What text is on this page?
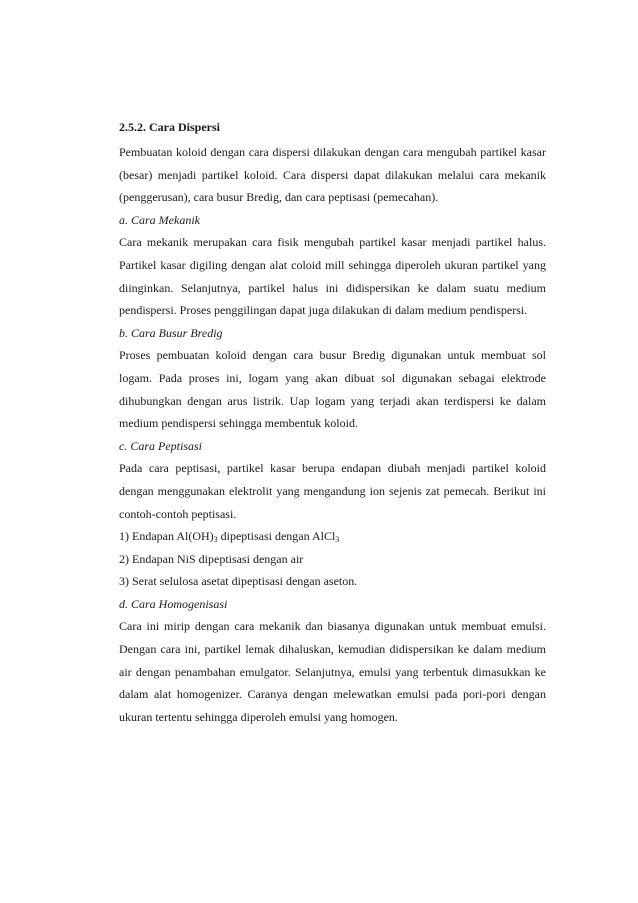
2.5.2. Cara Dispersi

Pembuatan koloid dengan cara dispersi dilakukan dengan cara mengubah partikel kasar (besar) menjadi partikel koloid. Cara dispersi dapat dilakukan melalui cara mekanik (penggerusan), cara busur Bredig, dan cara peptisasi (pemecahan).

a. Cara Mekanik

Cara mekanik merupakan cara fisik mengubah partikel kasar menjadi partikel halus. Partikel kasar digiling dengan alat coloid mill sehingga diperoleh ukuran partikel yang diinginkan. Selanjutnya, partikel halus ini didispersikan ke dalam suatu medium pendispersi. Proses penggilingan dapat juga dilakukan di dalam medium pendispersi.

b. Cara Busur Bredig

Proses pembuatan koloid dengan cara busur Bredig digunakan untuk membuat sol logam. Pada proses ini, logam yang akan dibuat sol digunakan sebagai elektrode dihubungkan dengan arus listrik. Uap logam yang terjadi akan terdispersi ke dalam medium pendispersi sehingga membentuk koloid.

c. Cara Peptisasi

Pada cara peptisasi, partikel kasar berupa endapan diubah menjadi partikel koloid dengan menggunakan elektrolit yang mengandung ion sejenis zat pemecah. Berikut ini contoh-contoh peptisasi.

1) Endapan $Al(OH)_3$ dipeptisasi dengan AlCl$_3$

2) Endapan NiS dipeptisasi dengan air

3) Serat selulosa asetat dipeptisasi dengan aseton.

d. Cara Homogenisasi

Cara ini mirip dengan cara mekanik dan biasanya digunakan untuk membuat emulsi. Dengan cara ini, partikel lemak dihaluskan, kemudian didispersikan ke dalam medium air dengan penambahan emulgator. Selanjutnya, emulsi yang terbentuk dimasukkan ke dalam alat homogenizer. Caranya dengan melewatkan emulsi pada pori-pori dengan ukuran tertentu sehingga diperoleh emulsi yang homogen.
